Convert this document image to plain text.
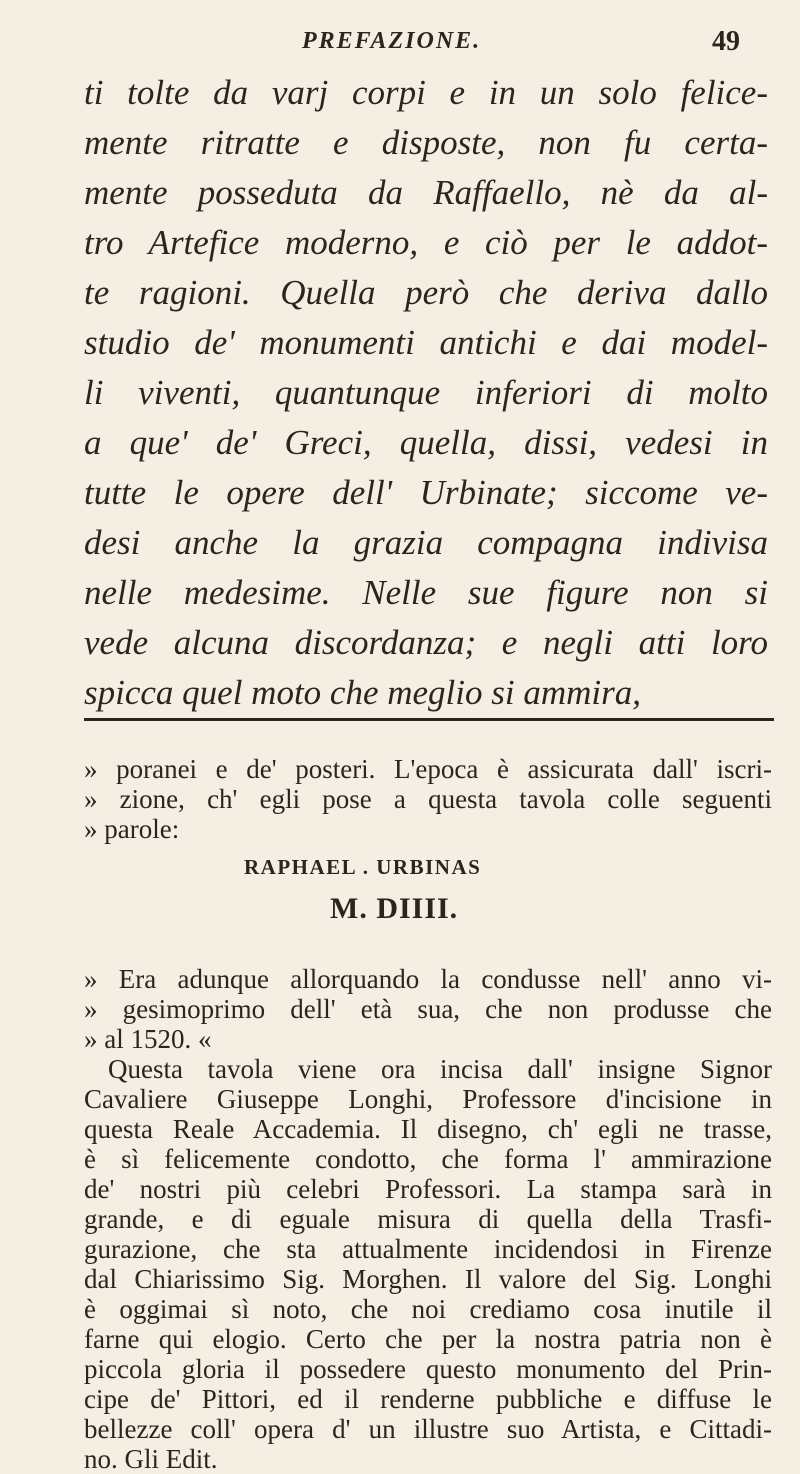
PREFAZIONE.	49
ti tolte da varj corpi e in un solo felice-
mente ritratte e disposte, non fu certa-
mente posseduta da Raffaello, nè da al-
tro Artefice moderno, e ciò per le addot-
te ragioni. Quella però che deriva dallo
studio de' monumenti antichi e dai model-
li viventi, quantunque inferiori di molto
a que' de' Greci, quella, dissi, vedesi in
tutte le opere dell' Urbinate; siccome ve-
desi anche la grazia compagna indivisa
nelle medesime. Nelle sue figure non si
vede alcuna discordanza; e negli atti loro
spicca quel moto che meglio si ammira,
» poranei e de' posteri. L'epoca è assicurata dall' iscri-
» zione, ch' egli pose a questa tavola colle seguenti
» parole:
RAPHAEL . URBINAS
M. DIIII.
» Era adunque allorquando la condusse nell' anno vi-
» gesimoprimo dell' età sua, che non produsse che
» al 1520. «
Questa tavola viene ora incisa dall' insigne Signor
Cavaliere Giuseppe Longhi, Professore d'incisione in
questa Reale Accademia. Il disegno, ch' egli ne trasse,
è sì felicemente condotto, che forma l' ammirazione
de' nostri più celebri Professori. La stampa sarà in
grande, e di eguale misura di quella della Trasfi-
gurazione, che sta attualmente incidendosi in Firenze
dal Chiarissimo Sig. Morghen. Il valore del Sig. Longhi
è oggimai sì noto, che noi crediamo cosa inutile il
farne qui elogio. Certo che per la nostra patria non è
piccola gloria il possedere questo monumento del Prin-
cipe de' Pittori, ed il renderne pubbliche e diffuse le
bellezze coll' opera d' un illustre suo Artista, e Cittadi-
no. Gli Edit.
